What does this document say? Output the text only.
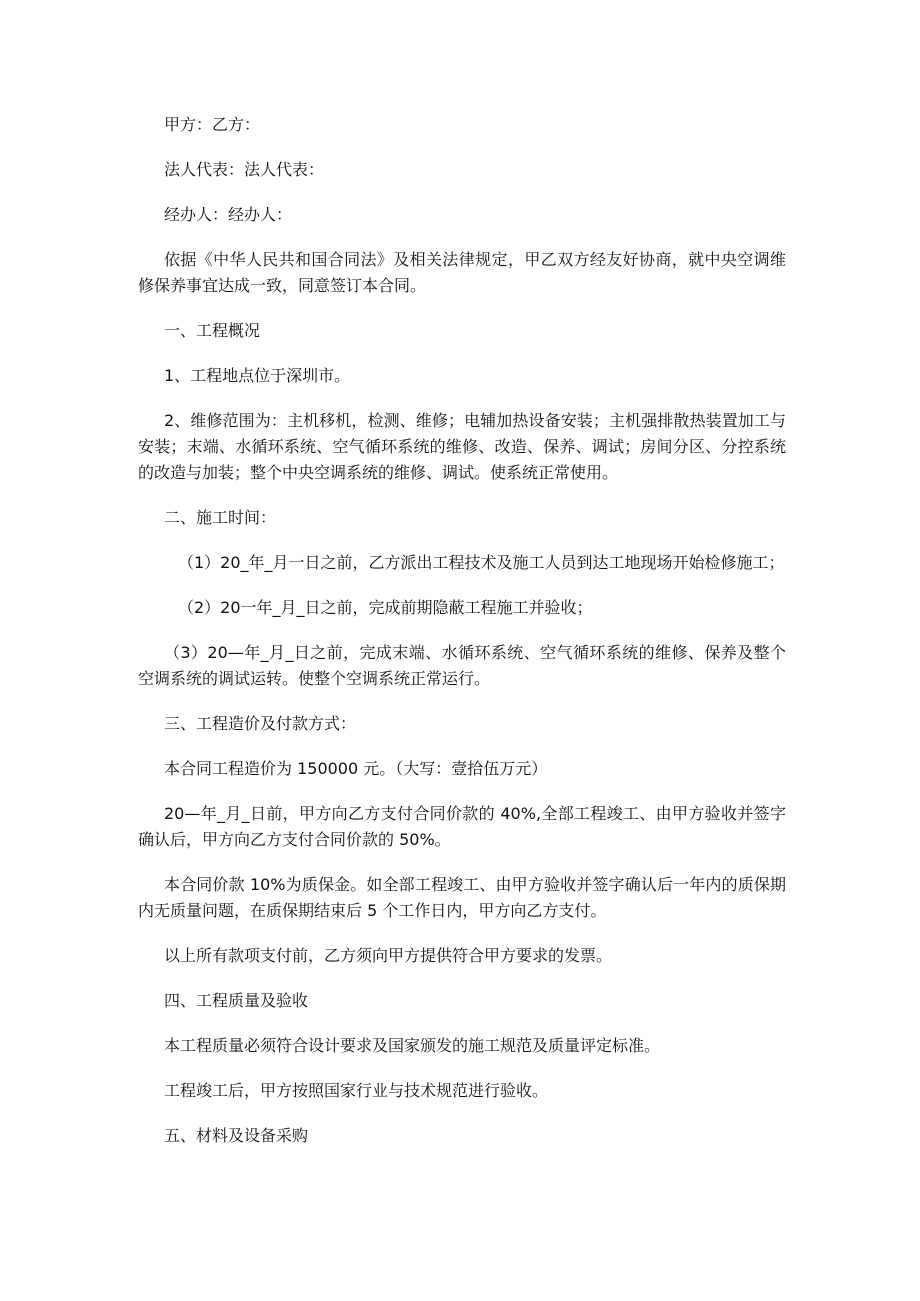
甲方：乙方：

法人代表：法人代表：

经办人：经办人：

依据《中华人民共和国合同法》及相关法律规定，甲乙双方经友好协商，就中央空调维修保养事宜达成一致，同意签订本合同。

一、工程概况

1、工程地点位于深圳市。

2、维修范围为：主机移机，检测、维修；电辅加热设备安装；主机强排散热装置加工与安装；末端、水循环系统、空气循环系统的维修、改造、保养、调试；房间分区、分控系统的改造与加装；整个中央空调系统的维修、调试。使系统正常使用。

二、施工时间：

（1）20_年_月一日之前，乙方派出工程技术及施工人员到达工地现场开始检修施工；

（2）20一年_月_日之前，完成前期隐蔽工程施工并验收；

（3）20—年_月_日之前，完成末端、水循环系统、空气循环系统的维修、保养及整个空调系统的调试运转。使整个空调系统正常运行。

三、工程造价及付款方式：

本合同工程造价为 150000 元。（大写：壹拾伍万元）

20—年_月_日前，甲方向乙方支付合同价款的 40%,全部工程竣工、由甲方验收并签字确认后，甲方向乙方支付合同价款的 50%。

本合同价款 10%为质保金。如全部工程竣工、由甲方验收并签字确认后一年内的质保期内无质量问题，在质保期结束后 5 个工作日内，甲方向乙方支付。

以上所有款项支付前，乙方须向甲方提供符合甲方要求的发票。

四、工程质量及验收

本工程质量必须符合设计要求及国家颁发的施工规范及质量评定标准。

工程竣工后，甲方按照国家行业与技术规范进行验收。

五、材料及设备采购
